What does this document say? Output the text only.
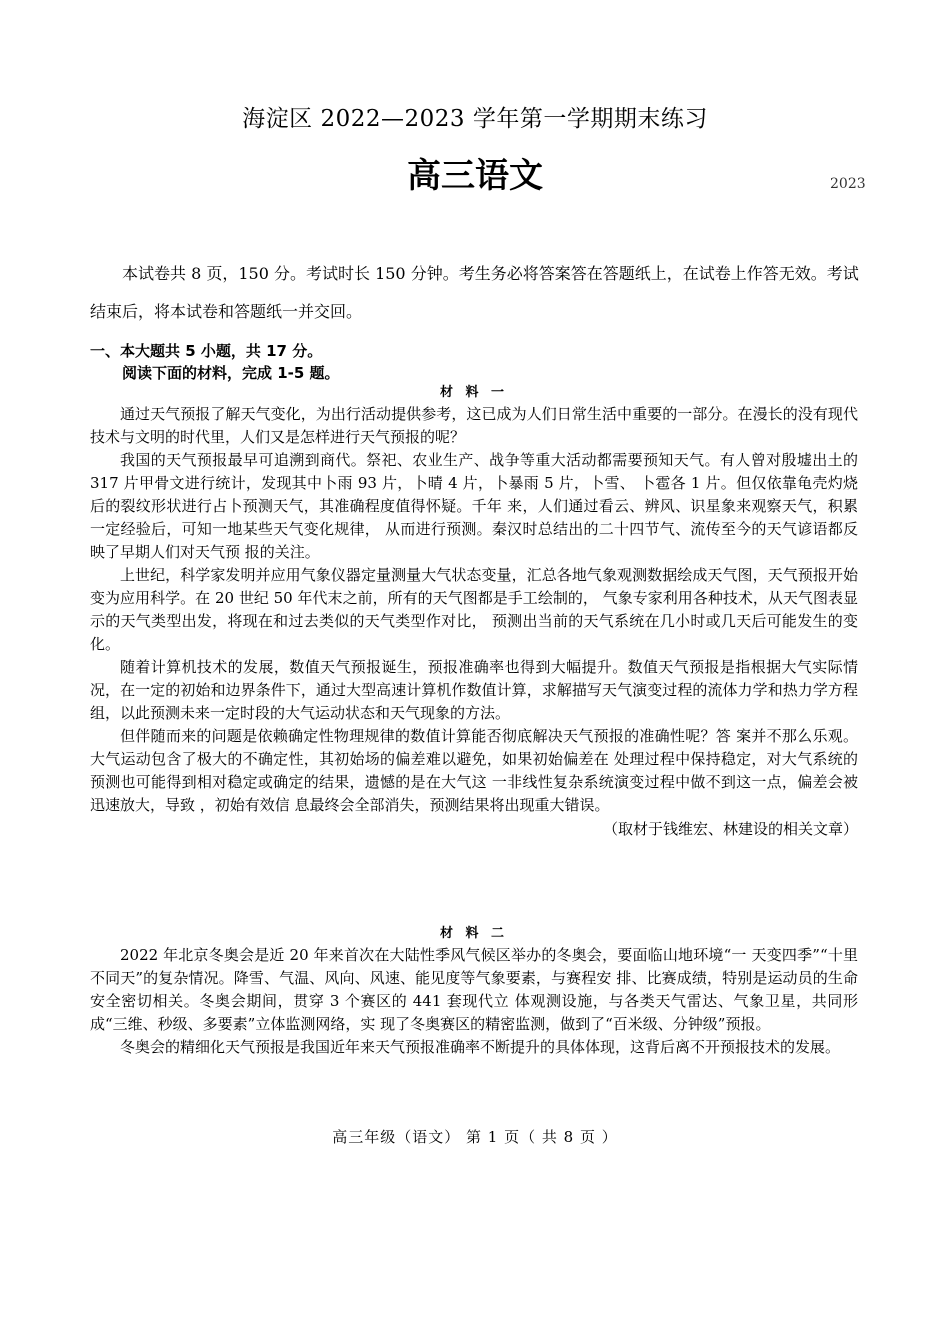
海淀区 2022—2023 学年第一学期期末练习
高三语文	2023

本试卷共 8 页，150 分。考试时长 150 分钟。考生务必将答案答在答题纸上，在试卷上作答无效。考试结束后，将本试卷和答题纸一并交回。

一、本大题共 5 小题，共 17 分。
阅读下面的材料，完成 1-5 题。

材 料 一

通过天气预报了解天气变化，为出行活动提供参考，这已成为人们日常生活中重要的一部分。在漫长的没有现代技术与文明的时代里，人们又是怎样进行天气预报的呢？

我国的天气预报最早可追溯到商代。祭祀、农业生产、战争等重大活动都需要预知天气。有人曾对殷墟出土的 317 片甲骨文进行统计，发现其中卜雨 93 片，卜晴 4 片，卜暴雨 5 片，卜雪、 卜雹各 1 片。但仅依靠龟壳灼烧后的裂纹形状进行占卜预测天气，其准确程度值得怀疑。千年 来，人们通过看云、辨风、识星象来观察天气，积累一定经验后，可知一地某些天气变化规律， 从而进行预测。秦汉时总结出的二十四节气、流传至今的天气谚语都反映了早期人们对天气预 报的关注。

上世纪，科学家发明并应用气象仪器定量测量大气状态变量，汇总各地气象观测数据绘成天气图，天气预报开始变为应用科学。在 20 世纪 50 年代末之前，所有的天气图都是手工绘制的， 气象专家利用各种技术，从天气图表显示的天气类型出发，将现在和过去类似的天气类型作对比， 预测出当前的天气系统在几小时或几天后可能发生的变化。

随着计算机技术的发展，数值天气预报诞生，预报准确率也得到大幅提升。数值天气预报是指根据大气实际情况，在一定的初始和边界条件下，通过大型高速计算机作数值计算，求解描写天气演变过程的流体力学和热力学方程组，以此预测未来一定时段的大气运动状态和天气现象的方法。

但伴随而来的问题是依赖确定性物理规律的数值计算能否彻底解决天气预报的准确性呢？答 案并不那么乐观。大气运动包含了极大的不确定性，其初始场的偏差难以避免，如果初始偏差在 处理过程中保持稳定，对大气系统的预测也可能得到相对稳定或确定的结果，遗憾的是在大气这 一非线性复杂系统演变过程中做不到这一点，偏差会被迅速放大，导致 ，初始有效信 息最终会全部消失，预测结果将出现重大错误。

（取材于钱维宏、林建设的相关文章）

材 料 二

2022 年北京冬奥会是近 20 年来首次在大陆性季风气候区举办的冬奥会，要面临山地环境“一 天变四季”“十里不同天”的复杂情况。降雪、气温、风向、风速、能见度等气象要素，与赛程安 排、比赛成绩，特别是运动员的生命安全密切相关。冬奥会期间，贯穿 3 个赛区的 441 套现代立 体观测设施，与各类天气雷达、气象卫星，共同形成“三维、秒级、多要素”立体监测网络，实 现了冬奥赛区的精密监测，做到了“百米级、分钟级”预报。

冬奥会的精细化天气预报是我国近年来天气预报准确率不断提升的具体体现，这背后离不开预报技术的发展。

高三年级（语文） 第 1 页（ 共 8 页 ）
